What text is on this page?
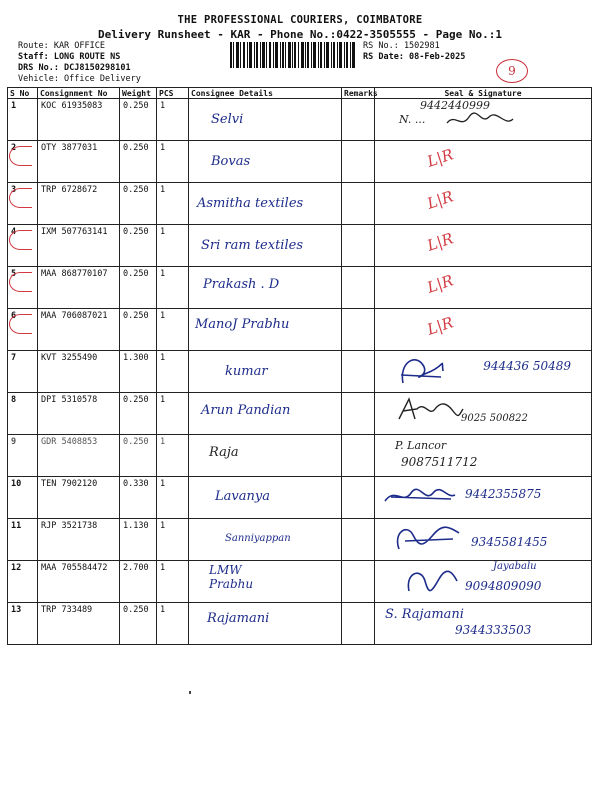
THE PROFESSIONAL COURIERS, COIMBATORE
Delivery Runsheet - KAR - Phone No.:0422-3505555 - Page No.:1
Route: KAR OFFICE
Staff: LONG ROUTE NS
DRS No.: DCJ8150298101
Vehicle: Office Delivery
RS No.: 1502981
RS Date: 08-Feb-2025
9
S No	Consignment No	Weight	PCS	Consignee Details	Remarks	Seal & Signature
1	KOC 61935083	0.250	1	Selvi		9442440999
N. ...

2	OTY 3877031	0.250	1	Bovas		L|R

3	TRP 6728672	0.250	1	Asmitha textiles		L|R

4	IXM 507763141	0.250	1	Sri ram textiles		L|R

5	MAA 868770107	0.250	1	Prakash . D		L|R

6	MAA 706087021	0.250	1	ManoJ Prabhu		L|R

7	KVT 3255490	1.300	1	kumar		944436 50489

8	DPI 5310578	0.250	1	Arun Pandian		9025 500822

9	GDR 5408853	0.250	1	Raja		P. Lancor
9087511712

10	TEN 7902120	0.330	1	Lavanya		9442355875

11	RJP 3521738	1.130	1	Sanniyappan		9345581455

12	MAA 705584472	2.700	1	LMW Prabhu		Jayabalu
9094809090

13	TRP 733489	0.250	1	Rajamani		S. Rajamani
9344333503
